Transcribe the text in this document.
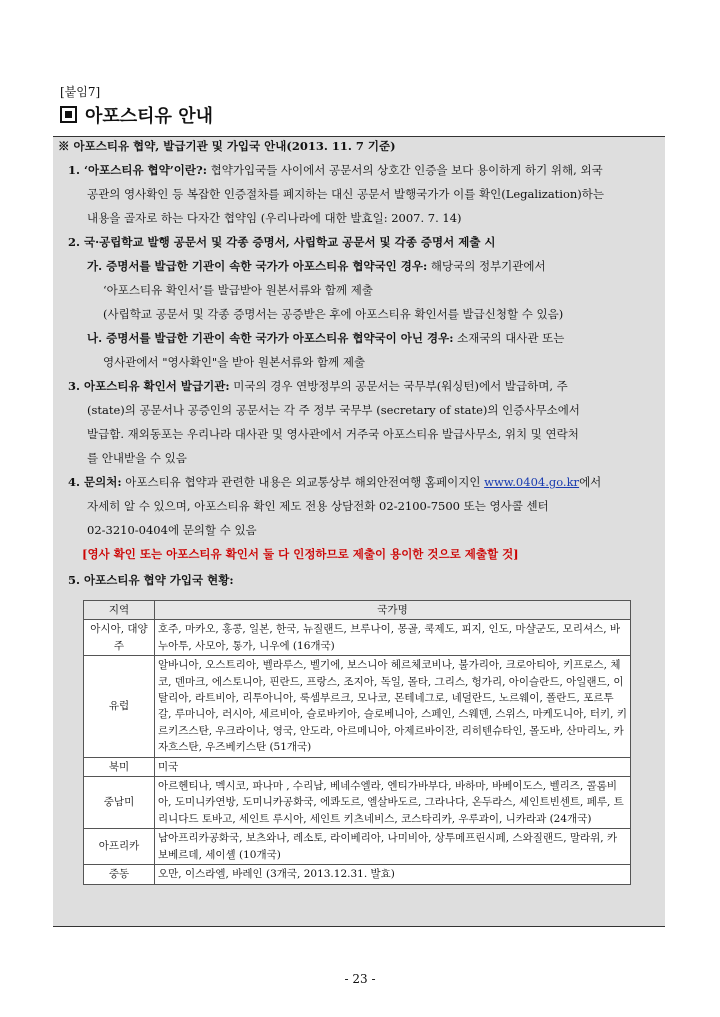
[붙임7]
아포스티유 안내
※ 아포스티유 협약, 발급기관 및 가입국 안내(2013. 11. 7 기준)
1. ‘아포스티유 협약’이란?: 협약가입국들 사이에서 공문서의 상호간 인증을 보다 용이하게 하기 위해, 외국
공관의 영사확인 등 복잡한 인증절차를 폐지하는 대신 공문서 발행국가가 이를 확인(Legalization)하는
내용을 골자로 하는 다자간 협약임 (우리나라에 대한 발효일: 2007. 7. 14)
2. 국·공립학교 발행 공문서 및 각종 증명서, 사립학교 공문서 및 각종 증명서 제출 시
가. 증명서를 발급한 기관이 속한 국가가 아포스티유 협약국인 경우: 해당국의 정부기관에서
‘아포스티유 확인서’를 발급받아 원본서류와 함께 제출
(사립학교 공문서 및 각종 증명서는 공증받은 후에 아포스티유 확인서를 발급신청할 수 있음)
나. 증명서를 발급한 기관이 속한 국가가 아포스티유 협약국이 아닌 경우: 소재국의 대사관 또는
영사관에서 "영사확인"을 받아 원본서류와 함께 제출
3. 아포스티유 확인서 발급기관: 미국의 경우 연방정부의 공문서는 국무부(워싱턴)에서 발급하며, 주
(state)의 공문서나 공증인의 공문서는 각 주 정부 국무부 (secretary of state)의 인증사무소에서
발급함. 재외동포는 우리나라 대사관 및 영사관에서 거주국 아포스티유 발급사무소, 위치 및 연락처
를 안내받을 수 있음
4. 문의처: 아포스티유 협약과 관련한 내용은 외교통상부 해외안전여행 홈페이지인 www.0404.go.kr에서
자세히 알 수 있으며, 아포스티유 확인 제도 전용 상담전화 02-2100-7500 또는 영사콜 센터
02-3210-0404에 문의할 수 있음
[영사 확인 또는 아포스티유 확인서 둘 다 인정하므로 제출이 용이한 것으로 제출할 것]
5. 아포스티유 협약 가입국 현황:
지역	국가명
아시아, 대양주	호주, 마카오, 홍콩, 일본, 한국, 뉴질랜드, 브루나이, 몽골, 쿡제도, 피지, 인도, 마샬군도, 모리셔스, 바누아투, 사모아, 통가, 니우에 (16개국)
유럽	알바니아, 오스트리아, 벨라루스, 벨기에, 보스니아 헤르체코비나, 불가리아, 크로아티아, 키프로스, 체코, 덴마크, 에스토니아, 핀란드, 프랑스, 조지아, 독일, 몰타, 그리스, 헝가리, 아이슬란드, 아일랜드, 이탈리아, 라트비아, 리투아니아, 룩셈부르크, 모나코, 몬테네그로, 네덜란드, 노르웨이, 폴란드, 포르투갈, 루마니아, 러시아, 세르비아, 슬로바키아, 슬로베니아, 스페인, 스웨덴, 스위스, 마케도니아, 터키, 키르키즈스탄, 우크라이나, 영국, 안도라, 아르메니아, 아제르바이잔, 리히텐슈타인, 몰도바, 산마리노, 카자흐스탄, 우즈베키스탄 (51개국)
북미	미국
중남미	아르헨티나, 멕시코, 파나마 , 수리남, 베네수엘라, 엔티가바부다, 바하마, 바베이도스, 벨리즈, 콜롬비아, 도미니카연방, 도미니카공화국, 에콰도르, 엘살바도르, 그라나다, 온두라스, 세인트빈센트, 페루, 트리니다드 토바고, 세인트 루시아, 세인트 키츠네비스, 코스타리카, 우루과이, 니카라과 (24개국)
아프리카	남아프리카공화국, 보츠와나, 레소토, 라이베리아, 나미비아, 상투메프린시페, 스와질랜드, 말라위, 카보베르데, 세이셸 (10개국)
중동	오만, 이스라엘, 바레인 (3개국, 2013.12.31. 발효)
- 23 -
